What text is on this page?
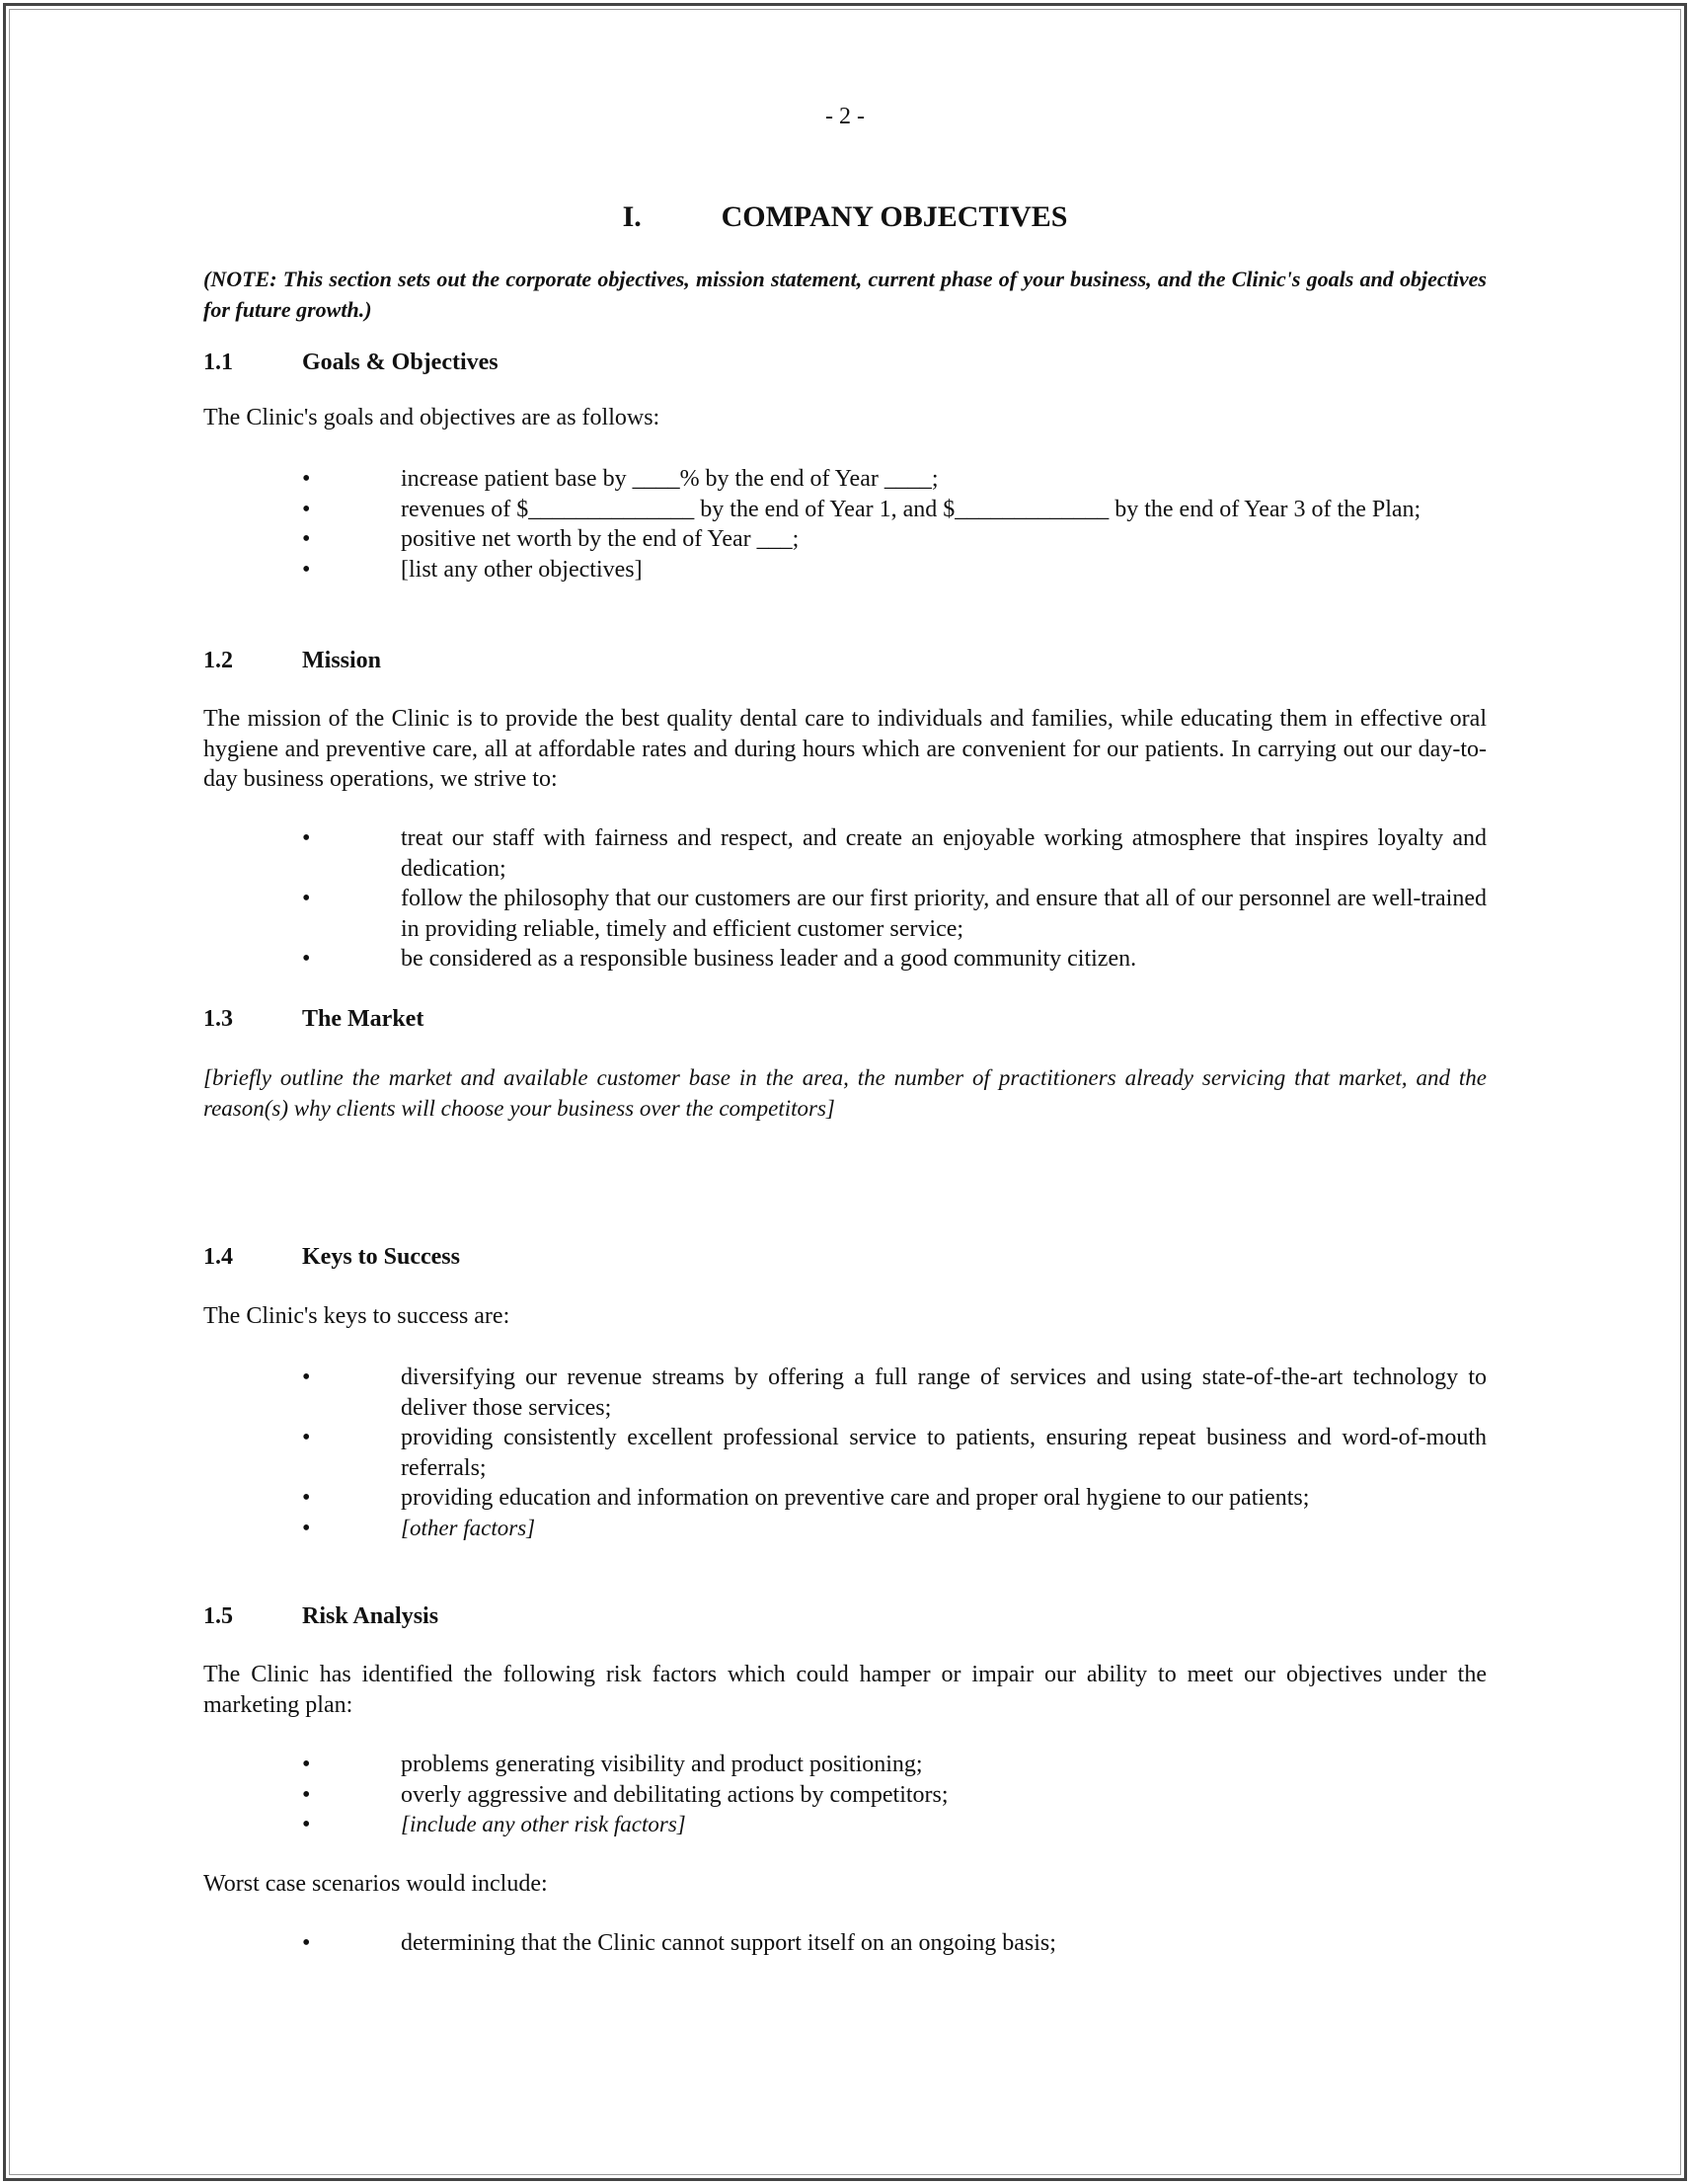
- 2 -
I.	COMPANY OBJECTIVES
(NOTE: This section sets out the corporate objectives, mission statement, current phase of your business, and the Clinic's goals and objectives for future growth.)
1.1	Goals & Objectives
The Clinic's goals and objectives are as follows:
•	increase patient base by ____% by the end of Year ____;
•	revenues of $______________ by the end of Year 1, and $_____________ by the end of Year 3 of the Plan;
•	positive net worth by the end of Year ___;
•	[list any other objectives]
1.2	Mission
The mission of the Clinic is to provide the best quality dental care to individuals and families, while educating them in effective oral hygiene and preventive care, all at affordable rates and during hours which are convenient for our patients. In carrying out our day-to-day business operations, we strive to:
•	treat our staff with fairness and respect, and create an enjoyable working atmosphere that inspires loyalty and dedication;
•	follow the philosophy that our customers are our first priority, and ensure that all of our personnel are well-trained in providing reliable, timely and efficient customer service;
•	be considered as a responsible business leader and a good community citizen.
1.3	The Market
[briefly outline the market and available customer base in the area, the number of practitioners already servicing that market, and the reason(s) why clients will choose your business over the competitors]
1.4	Keys to Success
The Clinic's keys to success are:
•	diversifying our revenue streams by offering a full range of services and using state-of-the-art technology to deliver those services;
•	providing consistently excellent professional service to patients, ensuring repeat business and word-of-mouth referrals;
•	providing education and information on preventive care and proper oral hygiene to our patients;
•	[other factors]
1.5	Risk Analysis
The Clinic has identified the following risk factors which could hamper or impair our ability to meet our objectives under the marketing plan:
•	problems generating visibility and product positioning;
•	overly aggressive and debilitating actions by competitors;
•	[include any other risk factors]
Worst case scenarios would include:
•	determining that the Clinic cannot support itself on an ongoing basis;
